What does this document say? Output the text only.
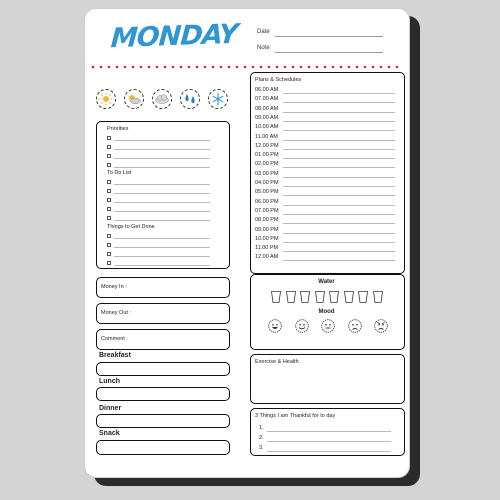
MONDAY	Date
Note
Priorities
To Do List
Things to Get Done
Money In :
Money Out :
Comment :
Breakfast
Lunch
Dinner
Snack
Plans & Schedules
06.00 AM
07.00 AM
08.00 AM
09.00 AM
10.00 AM
11.00 AM
12.00 PM
01.00 PM
02.00 PM
03.00 PM
04.00 PM
05.00 PM
06.00 PM
07.00 PM
08.00 PM
09.00 PM
10.00 PM
11.00 PM
12.00 AM
Water
Mood
Exercise & Health
3 Things I am Thankful for to day
1.
2.
3.
